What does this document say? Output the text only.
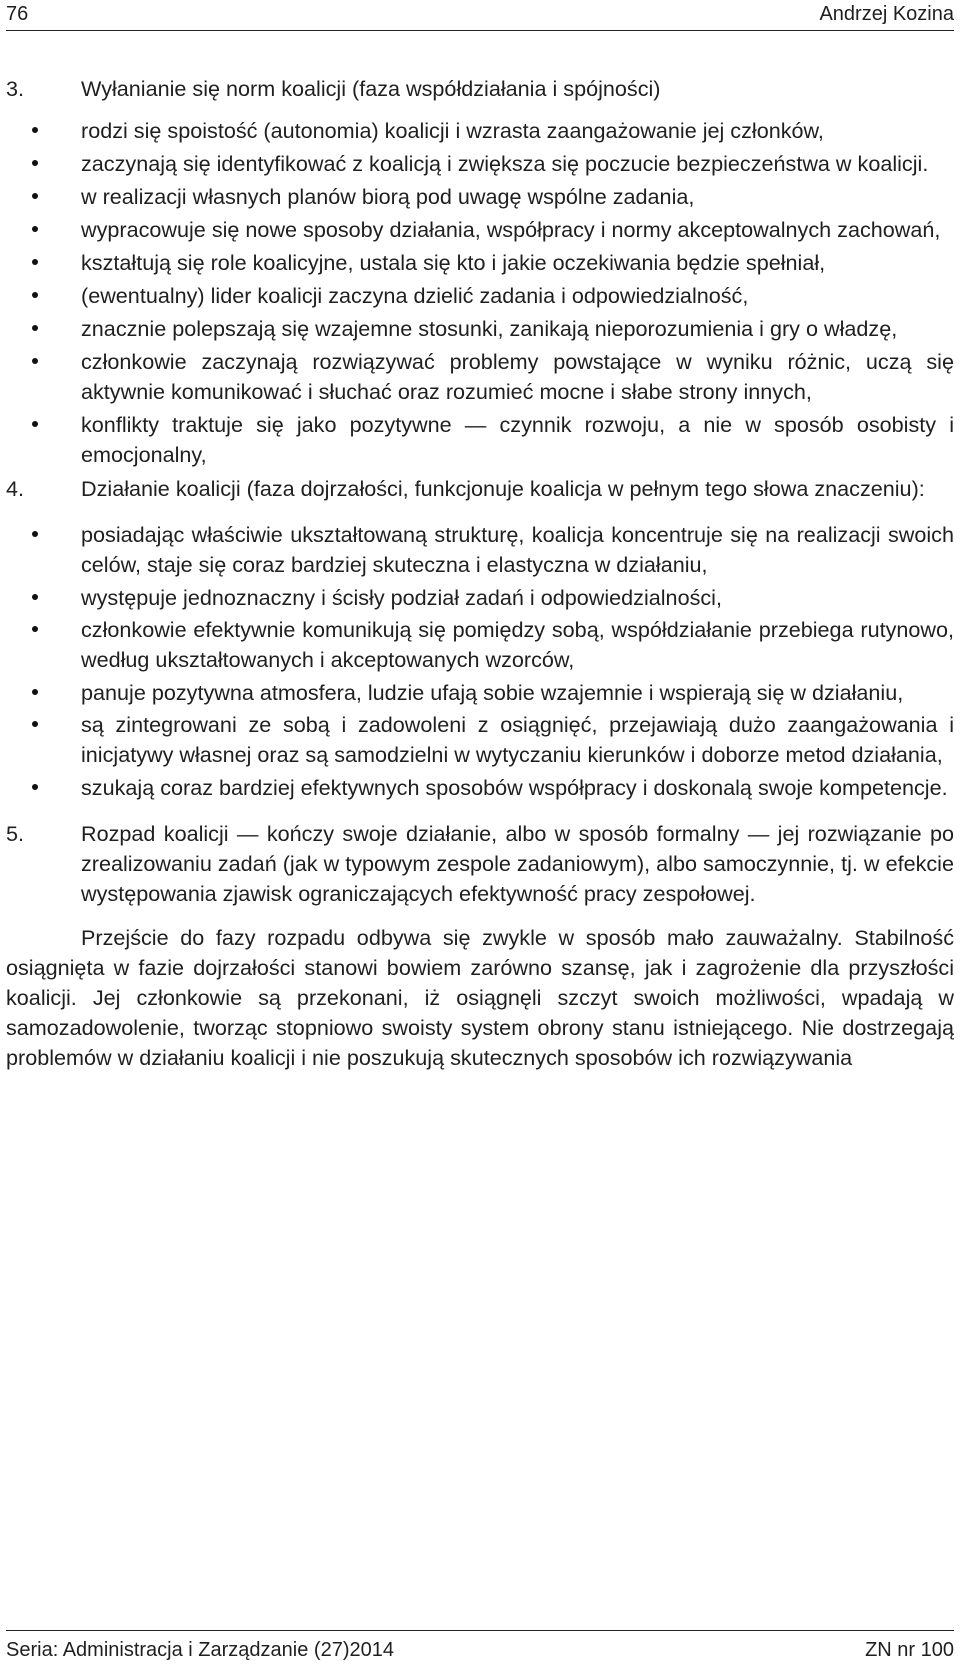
76	Andrzej Kozina
3.	Wyłanianie się norm koalicji (faza współdziałania i spójności)

rodzi się spoistość (autonomia) koalicji i wzrasta zaangażowanie jej członków,
zaczynają się identyfikować z koalicją i zwiększa się poczucie bezpieczeństwa w koalicji.
w realizacji własnych planów biorą pod uwagę wspólne zadania,
wypracowuje się nowe sposoby działania, współpracy i normy akceptowalnych zachowań,
kształtują się role koalicyjne, ustala się kto i jakie oczekiwania będzie spełniał,
(ewentualny) lider koalicji zaczyna dzielić zadania i odpowiedzialność,
znacznie polepszają się wzajemne stosunki, zanikają nieporozumienia i gry o władzę,
członkowie zaczynają rozwiązywać problemy powstające w wyniku różnic, uczą się aktywnie komunikować i słuchać oraz rozumieć mocne i słabe strony innych,
konflikty traktuje się jako pozytywne — czynnik rozwoju, a nie w sposób osobisty i emocjonalny,
4.	Działanie koalicji (faza dojrzałości, funkcjonuje koalicja w pełnym tego słowa znaczeniu):

posiadając właściwie ukształtowaną strukturę, koalicja koncentruje się na realizacji swoich celów, staje się coraz bardziej skuteczna i elastyczna w działaniu,
występuje jednoznaczny i ścisły podział zadań i odpowiedzialności,
członkowie efektywnie komunikują się pomiędzy sobą, współdziałanie przebiega rutynowo, według ukształtowanych i akceptowanych wzorców,
panuje pozytywna atmosfera, ludzie ufają sobie wzajemnie i wspierają się w działaniu,
są zintegrowani ze sobą i zadowoleni z osiągnięć, przejawiają dużo zaangażowania i inicjatywy własnej oraz są samodzielni w wytyczaniu kierunków i doborze metod działania,
szukają coraz bardziej efektywnych sposobów współpracy i doskonalą swoje kompetencje.
5.	Rozpad koalicji — kończy swoje działanie, albo w sposób formalny — jej rozwiązanie po zrealizowaniu zadań (jak w typowym zespole zadaniowym), albo samoczynnie, tj. w efekcie występowania zjawisk ograniczających efektywność pracy zespołowej.

Przejście do fazy rozpadu odbywa się zwykle w sposób mało zauważalny. Stabilność osiągnięta w fazie dojrzałości stanowi bowiem zarówno szansę, jak i zagrożenie dla przyszłości koalicji. Jej członkowie są przekonani, iż osiągnęli szczyt swoich możliwości, wpadają w samozadowolenie, tworząc stopniowo swoisty system obrony stanu istniejącego. Nie dostrzegają problemów w działaniu koalicji i nie poszukują skutecznych sposobów ich rozwiązywania

Seria: Administracja i Zarządzanie (27)2014	ZN nr 100
